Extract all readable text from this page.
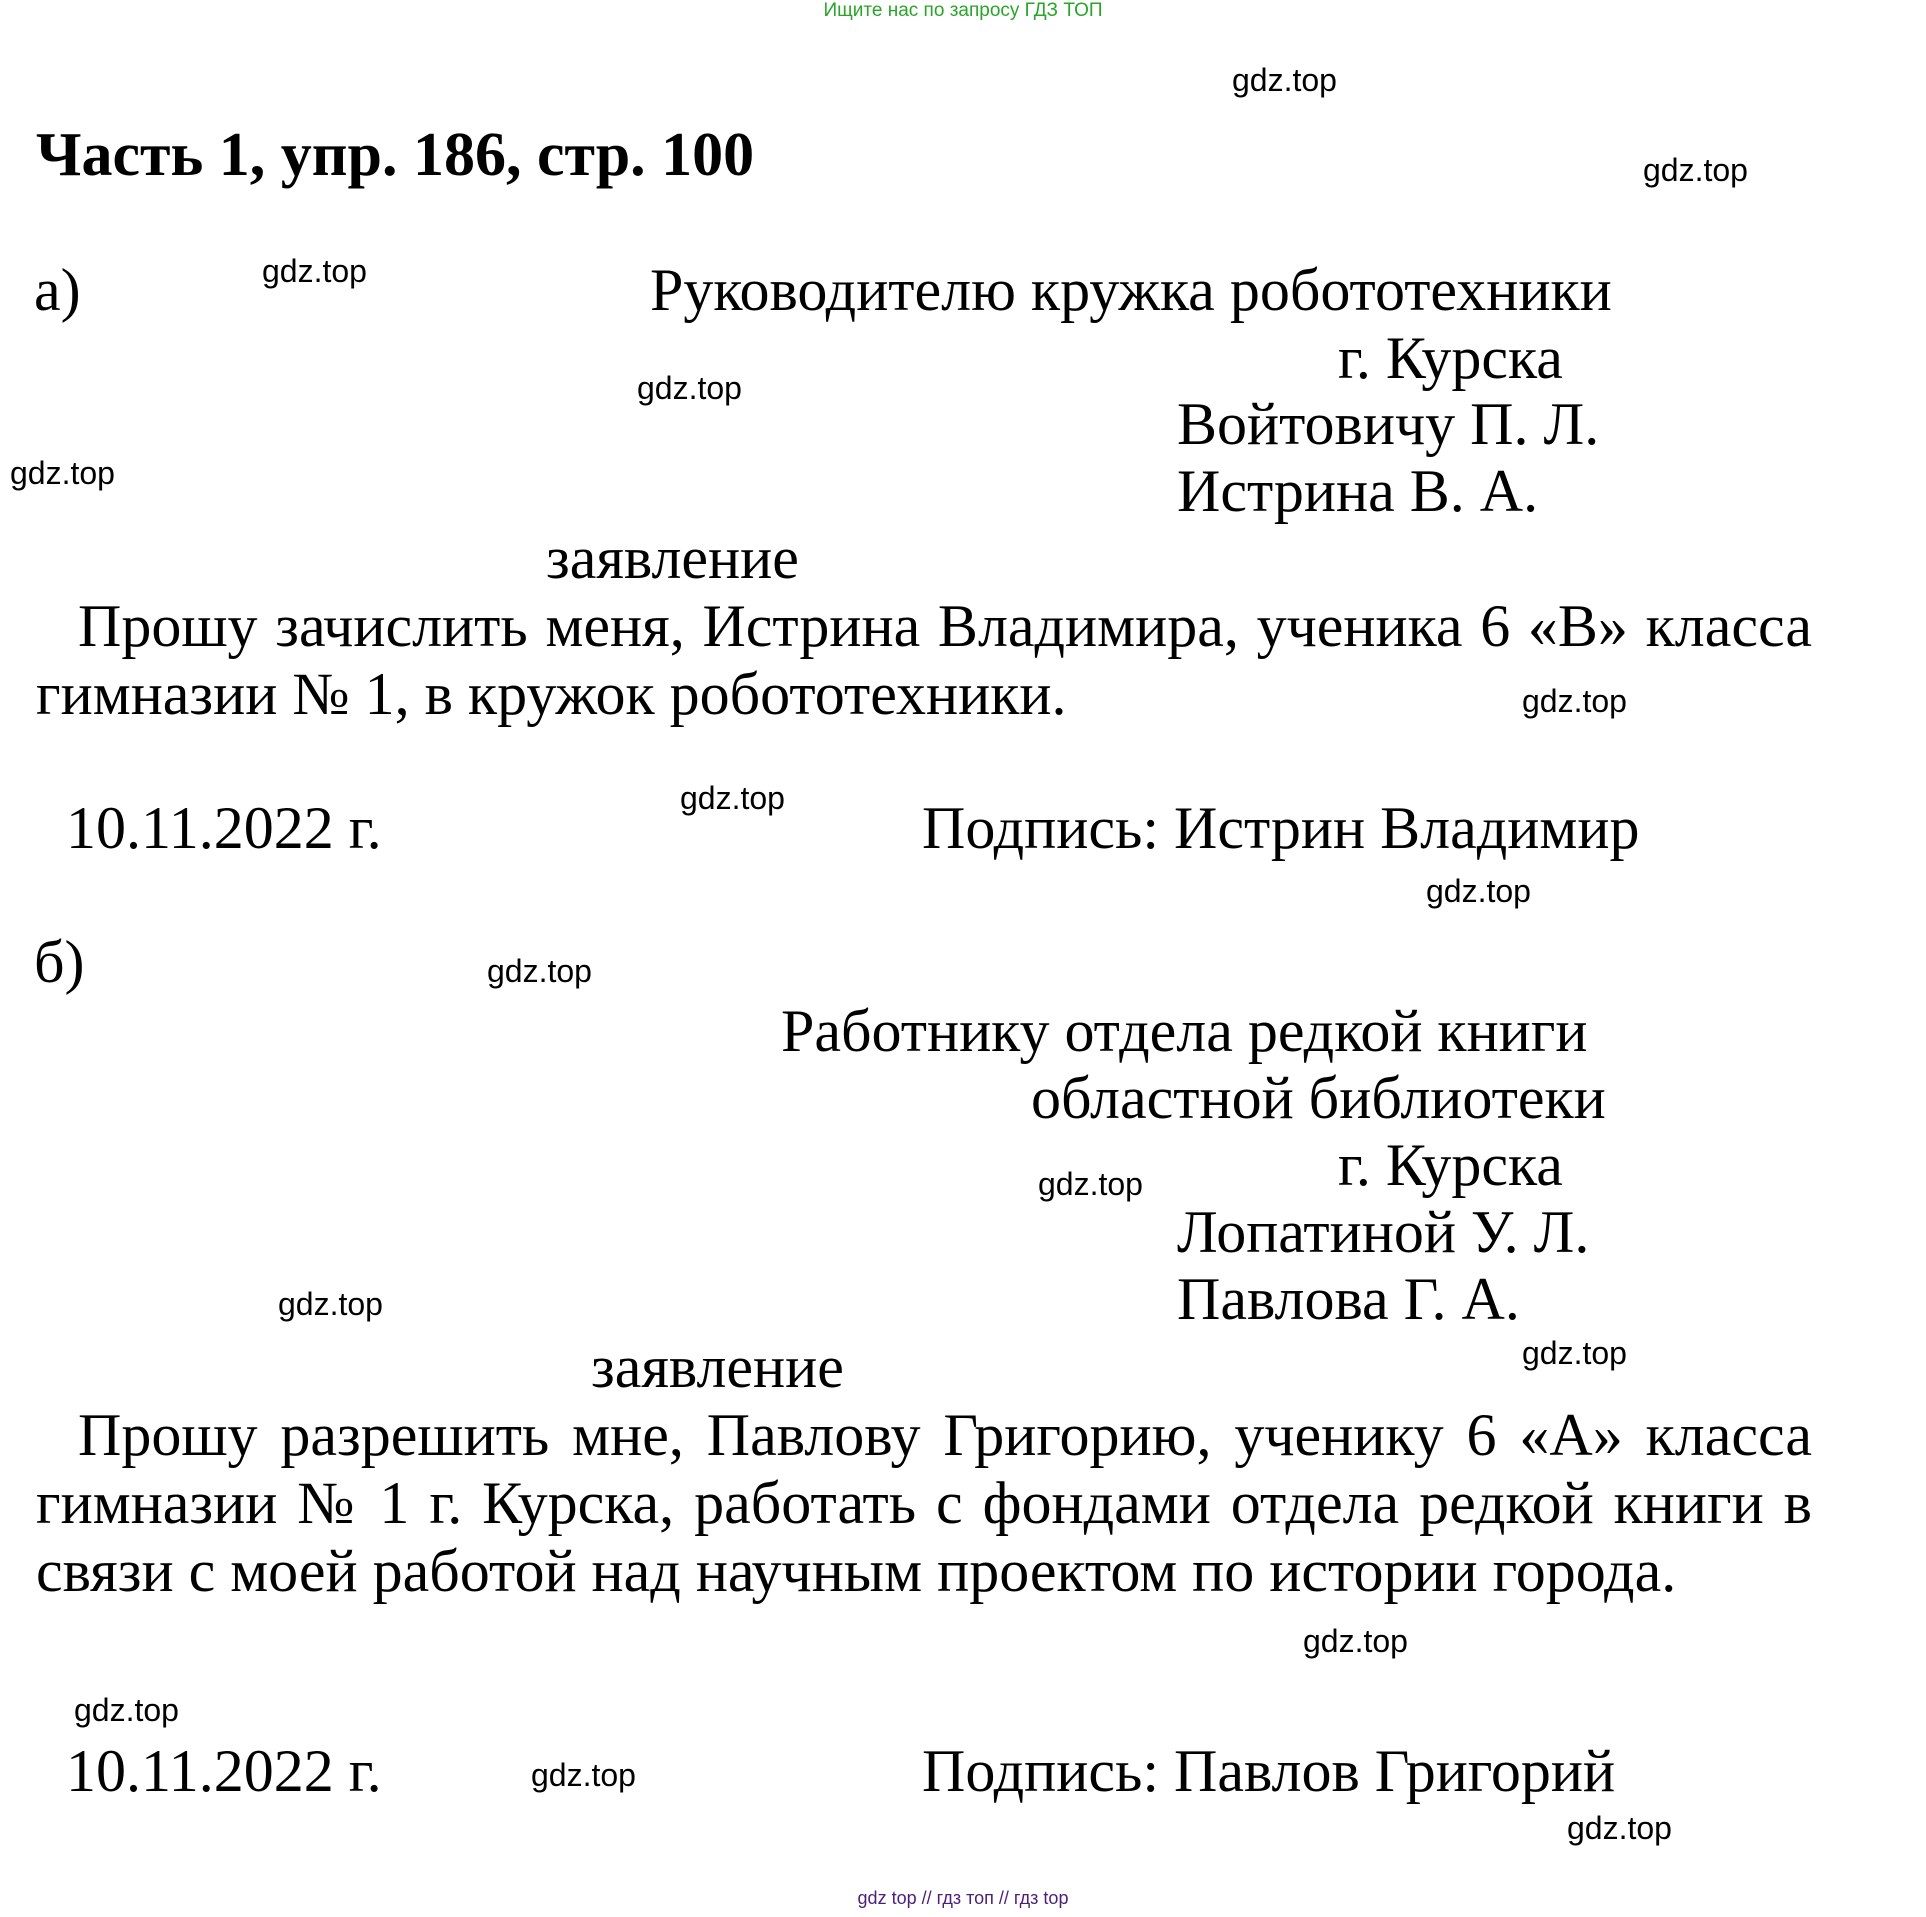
Ищите нас по запросу ГДЗ ТОП
Часть 1, упр. 186, стр. 100
gdz.top
gdz.top
gdz.top
gdz.top
gdz.top
gdz.top
gdz.top
gdz.top
gdz.top
gdz.top
gdz.top
gdz.top
gdz.top
gdz.top
gdz.top
gdz.top
а)	Руководителю кружка робототехники
г. Курска
Войтовичу П. Л.
Истрина В. А.
заявление
Прошу зачислить меня, Истрина Владимира, ученика 6 «В» класса гимназии № 1, в кружок робототехники.
10.11.2022 г.	Подпись: Истрин Владимир
б)
Работнику отдела редкой книги
областной библиотеки
г. Курска
Лопатиной У. Л.
Павлова Г. А.
заявление
Прошу разрешить мне, Павлову Григорию, ученику 6 «А» класса гимназии № 1 г. Курска, работать с фондами отдела редкой книги в связи с моей работой над научным проектом по истории города.
10.11.2022 г.	Подпись: Павлов Григорий
gdz top // гдз топ // гдз top
